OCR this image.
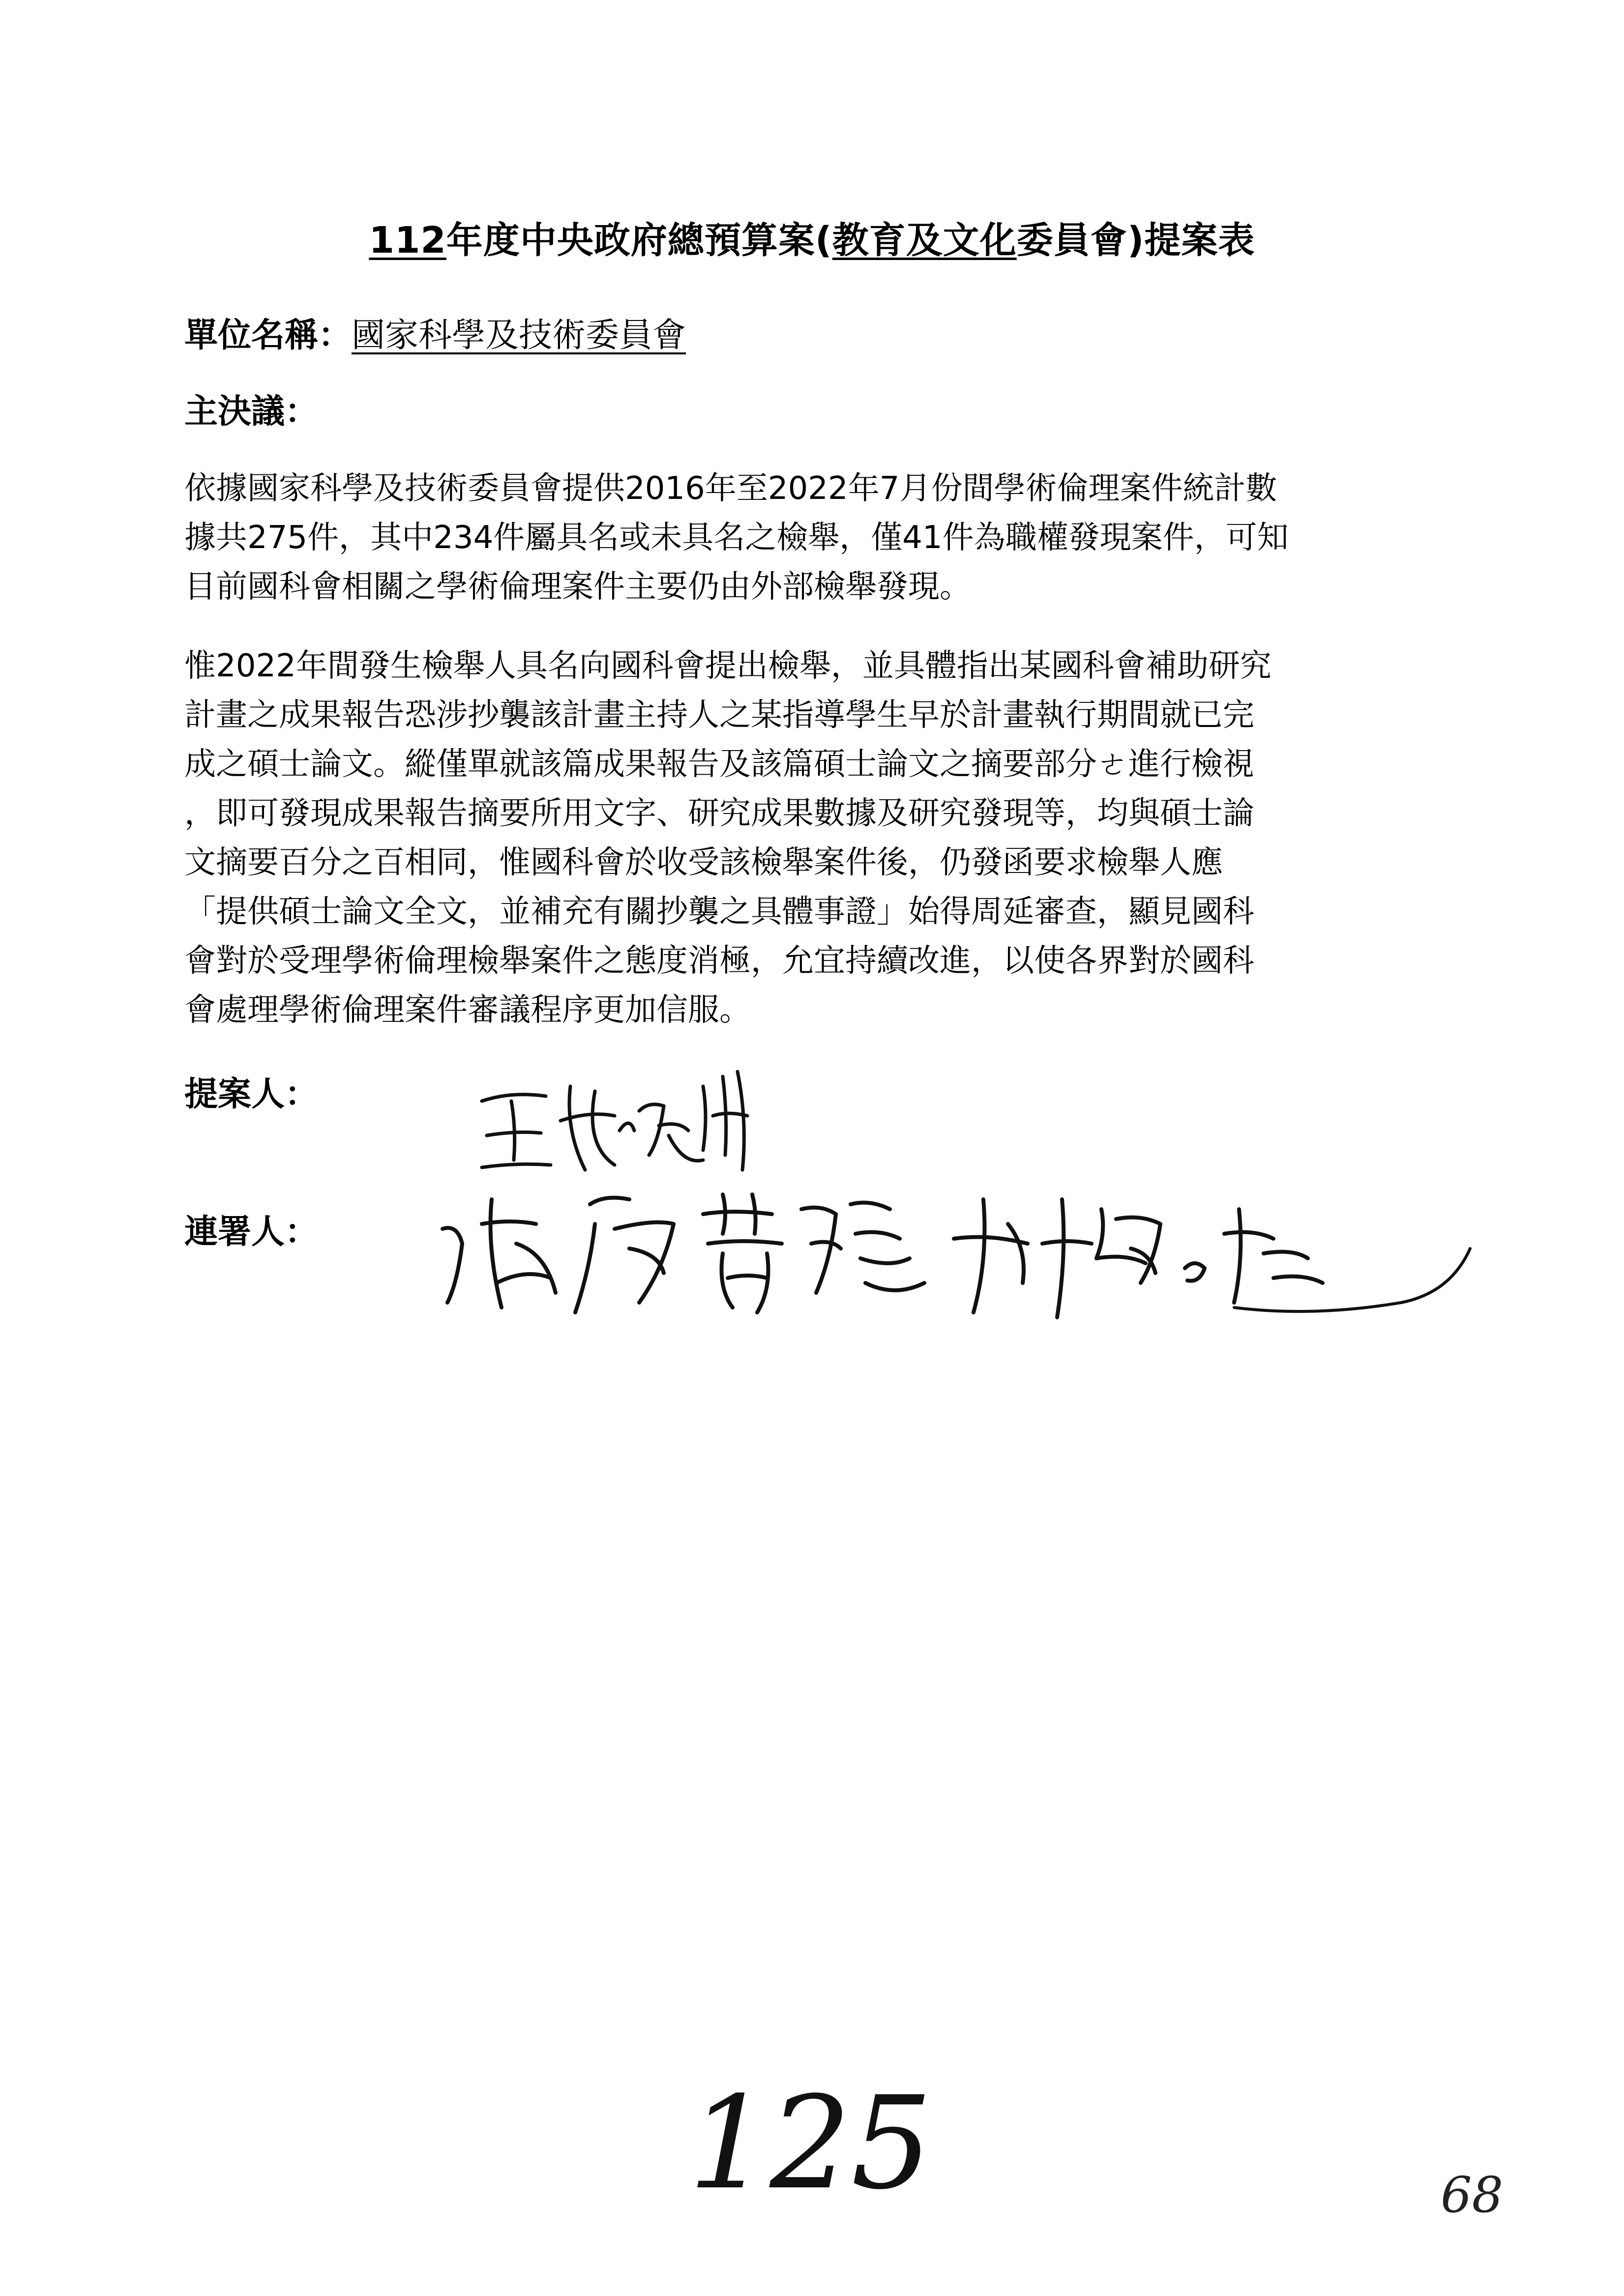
112年度中央政府總預算案(教育及文化委員會)提案表
單位名稱：國家科學及技術委員會
主決議：
依據國家科學及技術委員會提供2016年至2022年7月份間學術倫理案件統計數
據共275件，其中234件屬具名或未具名之檢舉，僅41件為職權發現案件，可知
目前國科會相關之學術倫理案件主要仍由外部檢舉發現。
惟2022年間發生檢舉人具名向國科會提出檢舉，並具體指出某國科會補助研究
計畫之成果報告恐涉抄襲該計畫主持人之某指導學生早於計畫執行期間就已完
成之碩士論文。縱僅單就該篇成果報告及該篇碩士論文之摘要部分ㄜ進行檢視
，即可發現成果報告摘要所用文字、研究成果數據及研究發現等，均與碩士論
文摘要百分之百相同，惟國科會於收受該檢舉案件後，仍發函要求檢舉人應
「提供碩士論文全文，並補充有關抄襲之具體事證」始得周延審查，顯見國科
會對於受理學術倫理檢舉案件之態度消極，允宜持續改進，以使各界對於國科
會處理學術倫理案件審議程序更加信服。
提案人：
連署人：
125	68
